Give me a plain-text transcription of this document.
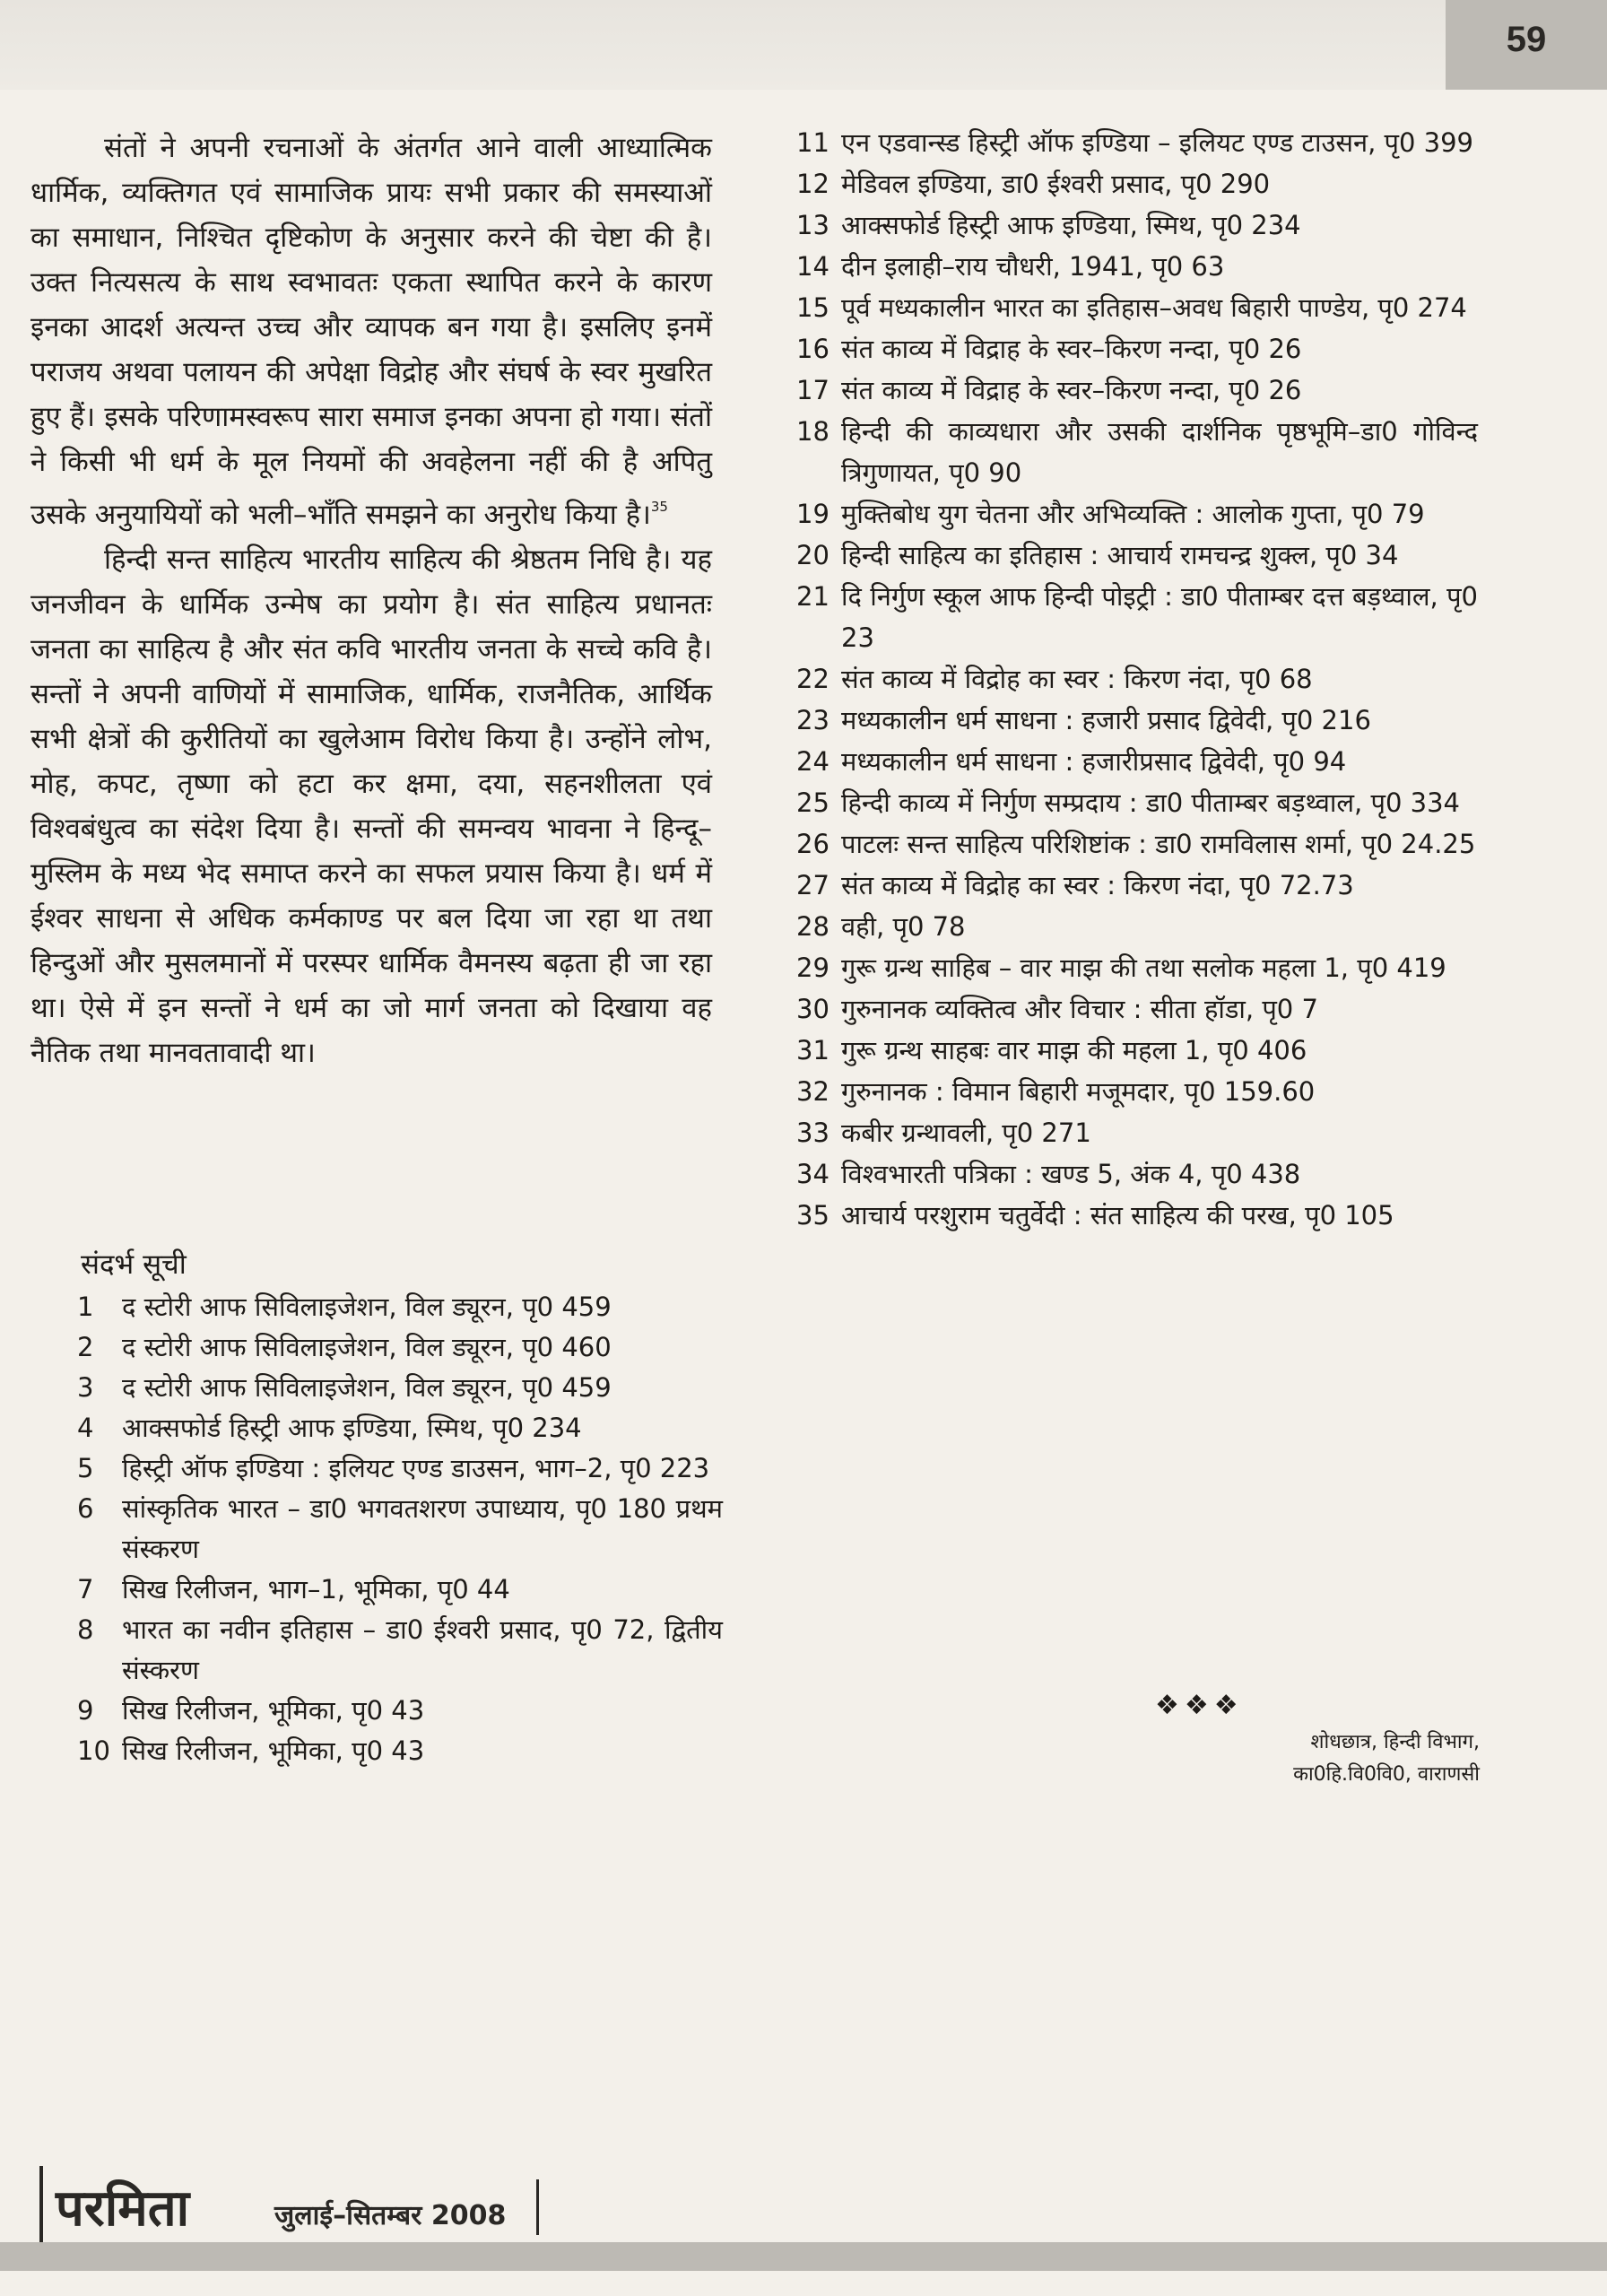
59

संतों ने अपनी रचनाओं के अंतर्गत आने वाली आध्यात्मिक धार्मिक, व्यक्तिगत एवं सामाजिक प्रायः सभी प्रकार की समस्याओं का समाधान, निश्चित दृष्टिकोण के अनुसार करने की चेष्टा की है। उक्त नित्यसत्य के साथ स्वभावतः एकता स्थापित करने के कारण इनका आदर्श अत्यन्त उच्च और व्यापक बन गया है। इसलिए इनमें पराजय अथवा पलायन की अपेक्षा विद्रोह और संघर्ष के स्वर मुखरित हुए हैं। इसके परिणामस्वरूप सारा समाज इनका अपना हो गया। संतों ने किसी भी धर्म के मूल नियमों की अवहेलना नहीं की है अपितु उसके अनुयायियों को भली–भाँति समझने का अनुरोध किया है।$^{35}$

हिन्दी सन्त साहित्य भारतीय साहित्य की श्रेष्ठतम निधि है। यह जनजीवन के धार्मिक उन्मेष का प्रयोग है। संत साहित्य प्रधानतः जनता का साहित्य है और संत कवि भारतीय जनता के सच्चे कवि है। सन्तों ने अपनी वाणियों में सामाजिक, धार्मिक, राजनैतिक, आर्थिक सभी क्षेत्रों की कुरीतियों का खुलेआम विरोध किया है। उन्होंने लोभ, मोह, कपट, तृष्णा को हटा कर क्षमा, दया, सहनशीलता एवं विश्वबंधुत्व का संदेश दिया है। सन्तों की समन्वय भावना ने हिन्दू–मुस्लिम के मध्य भेद समाप्त करने का सफल प्रयास किया है। धर्म में ईश्वर साधना से अधिक कर्मकाण्ड पर बल दिया जा रहा था तथा हिन्दुओं और मुसलमानों में परस्पर धार्मिक वैमनस्य बढ़ता ही जा रहा था। ऐसे में इन सन्तों ने धर्म का जो मार्ग जनता को दिखाया वह नैतिक तथा मानवतावादी था।

संदर्भ सूची
1	द स्टोरी आफ सिविलाइजेशन, विल ड्यूरन, पृ0 459
2	द स्टोरी आफ सिविलाइजेशन, विल ड्यूरन, पृ0 460
3	द स्टोरी आफ सिविलाइजेशन, विल ड्यूरन, पृ0 459
4	आक्सफोर्ड हिस्ट्री आफ इण्डिया, स्मिथ, पृ0 234
5	हिस्ट्री ऑफ इण्डिया : इलियट एण्ड डाउसन, भाग–2, पृ0 223
6	सांस्कृतिक भारत – डा0 भगवतशरण उपाध्याय, पृ0 180 प्रथम संस्करण
7	सिख रिलीजन, भाग–1, भूमिका, पृ0 44
8	भारत का नवीन इतिहास – डा0 ईश्वरी प्रसाद, पृ0 72, द्वितीय संस्करण
9	सिख रिलीजन, भूमिका, पृ0 43
10 सिख रिलीजन, भूमिका, पृ0 43
11 एन एडवान्स्ड हिस्ट्री ऑफ इण्डिया – इलियट एण्ड टाउसन, पृ0 399
12 मेडिवल इण्डिया, डा0 ईश्वरी प्रसाद, पृ0 290
13 आक्सफोर्ड हिस्ट्री आफ इण्डिया, स्मिथ, पृ0 234
14 दीन इलाही–राय चौधरी, 1941, पृ0 63
15 पूर्व मध्यकालीन भारत का इतिहास–अवध बिहारी पाण्डेय, पृ0 274
16 संत काव्य में विद्राह के स्वर–किरण नन्दा, पृ0 26
17 संत काव्य में विद्राह के स्वर–किरण नन्दा, पृ0 26
18 हिन्दी की काव्यधारा और उसकी दार्शनिक पृष्ठभूमि–डा0 गोविन्द त्रिगुणायत, पृ0 90
19 मुक्तिबोध युग चेतना और अभिव्यक्ति : आलोक गुप्ता, पृ0 79
20 हिन्दी साहित्य का इतिहास : आचार्य रामचन्द्र शुक्ल, पृ0 34
21 दि निर्गुण स्कूल आफ हिन्दी पोइट्री : डा0 पीताम्बर दत्त बड़थ्वाल, पृ0 23
22 संत काव्य में विद्रोह का स्वर : किरण नंदा, पृ0 68
23 मध्यकालीन धर्म साधना : हजारी प्रसाद द्विवेदी, पृ0 216
24 मध्यकालीन धर्म साधना : हजारीप्रसाद द्विवेदी, पृ0 94
25 हिन्दी काव्य में निर्गुण सम्प्रदाय : डा0 पीताम्बर बड़थ्वाल, पृ0 334
26 पाटलः सन्त साहित्य परिशिष्टांक : डा0 रामविलास शर्मा, पृ0 24.25
27 संत काव्य में विद्रोह का स्वर : किरण नंदा, पृ0 72.73
28 वही, पृ0 78
29 गुरू ग्रन्थ साहिब – वार माझ की तथा सलोक महला 1, पृ0 419
30 गुरुनानक व्यक्तित्व और विचार : सीता हॉडा, पृ0 7
31 गुरू ग्रन्थ साहबः वार माझ की महला 1, पृ0 406
32 गुरुनानक : विमान बिहारी मजूमदार, पृ0 159.60
33 कबीर ग्रन्थावली, पृ0 271
34 विश्वभारती पत्रिका : खण्ड 5, अंक 4, पृ0 438
35 आचार्य परशुराम चतुर्वेदी : संत साहित्य की परख, पृ0 105
❖❖❖
शोधछात्र, हिन्दी विभाग,
का0हि.वि0वि0, वाराणसी
परमिता	जुलाई–सितम्बर 2008
